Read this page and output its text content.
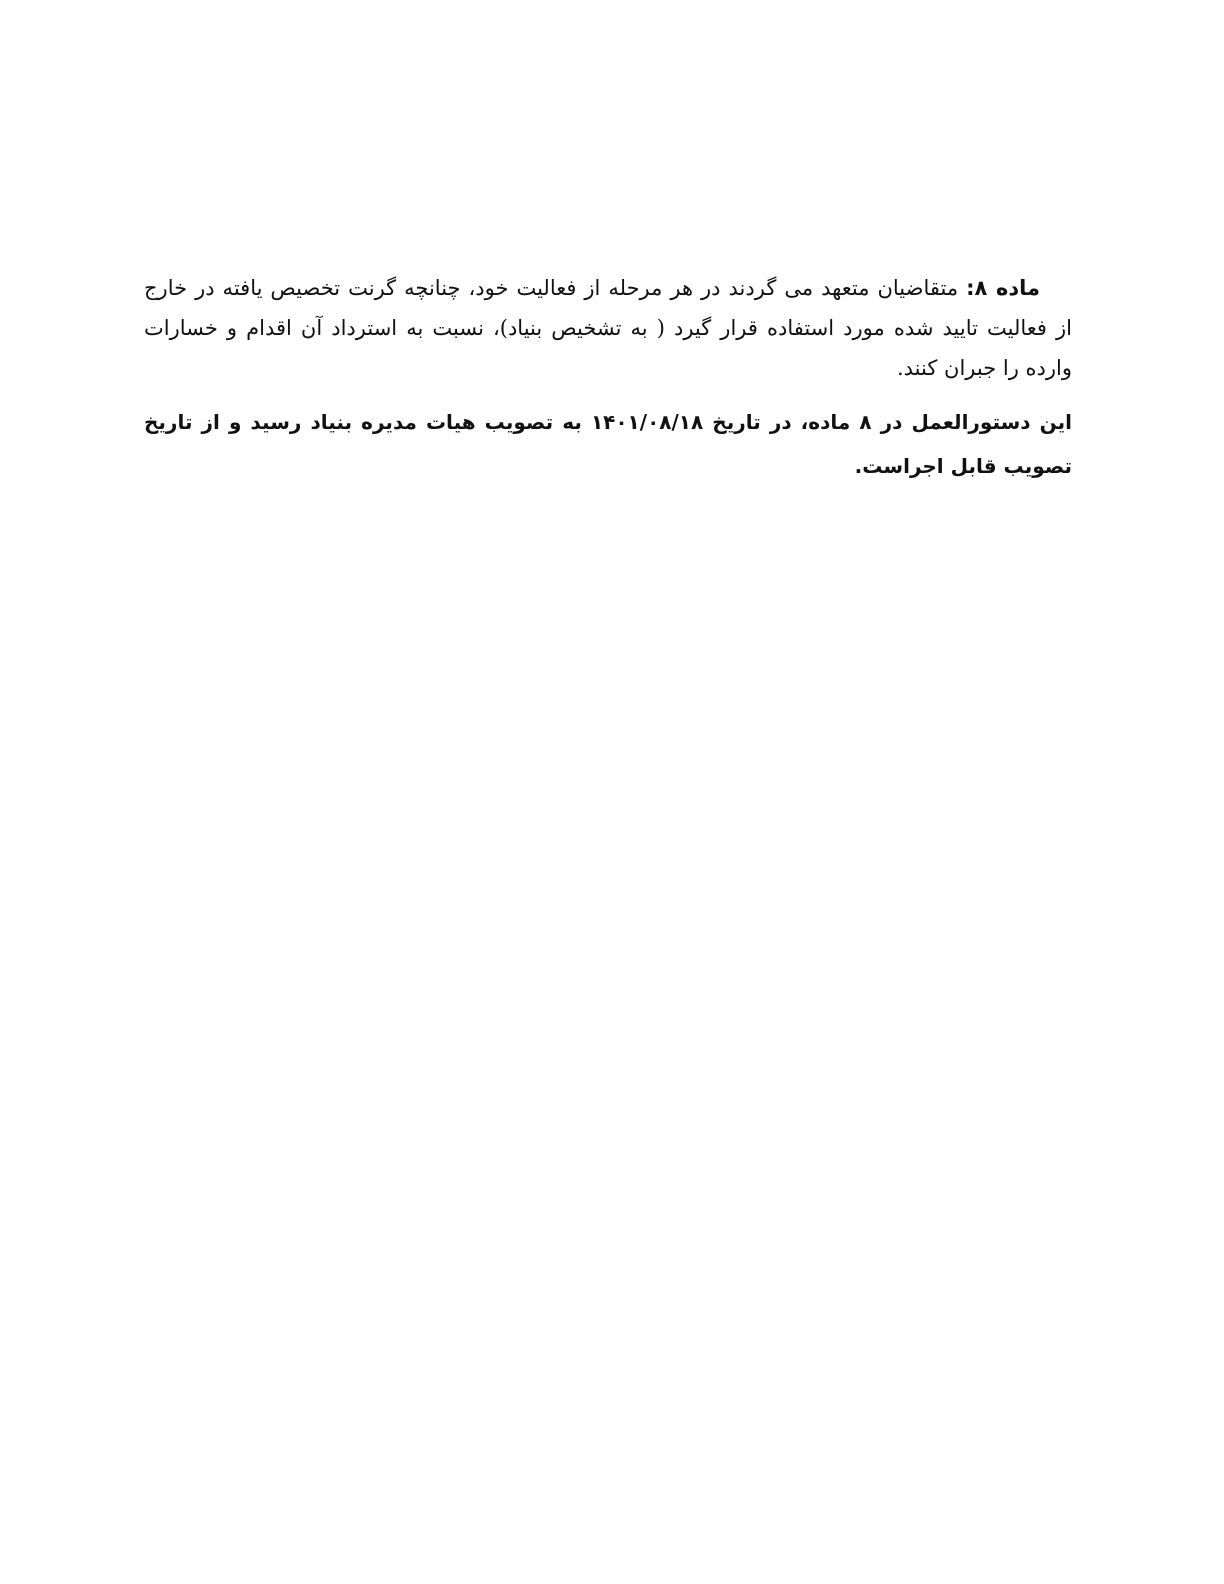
ماده ۸: متقاضیان متعهد می گردند در هر مرحله از فعالیت خود، چنانچه گرنت تخصیص یافته در خارج از فعالیت تایید شده مورد استفاده قرار گیرد ( به تشخیص بنیاد)، نسبت به استرداد آن اقدام و خسارات وارده را جبران کنند.

این دستورالعمل در ۸ ماده، در تاریخ ۱۴۰۱/۰۸/۱۸ به تصویب هیات مدیره بنیاد رسید و از تاریخ تصویب قابل اجراست.
